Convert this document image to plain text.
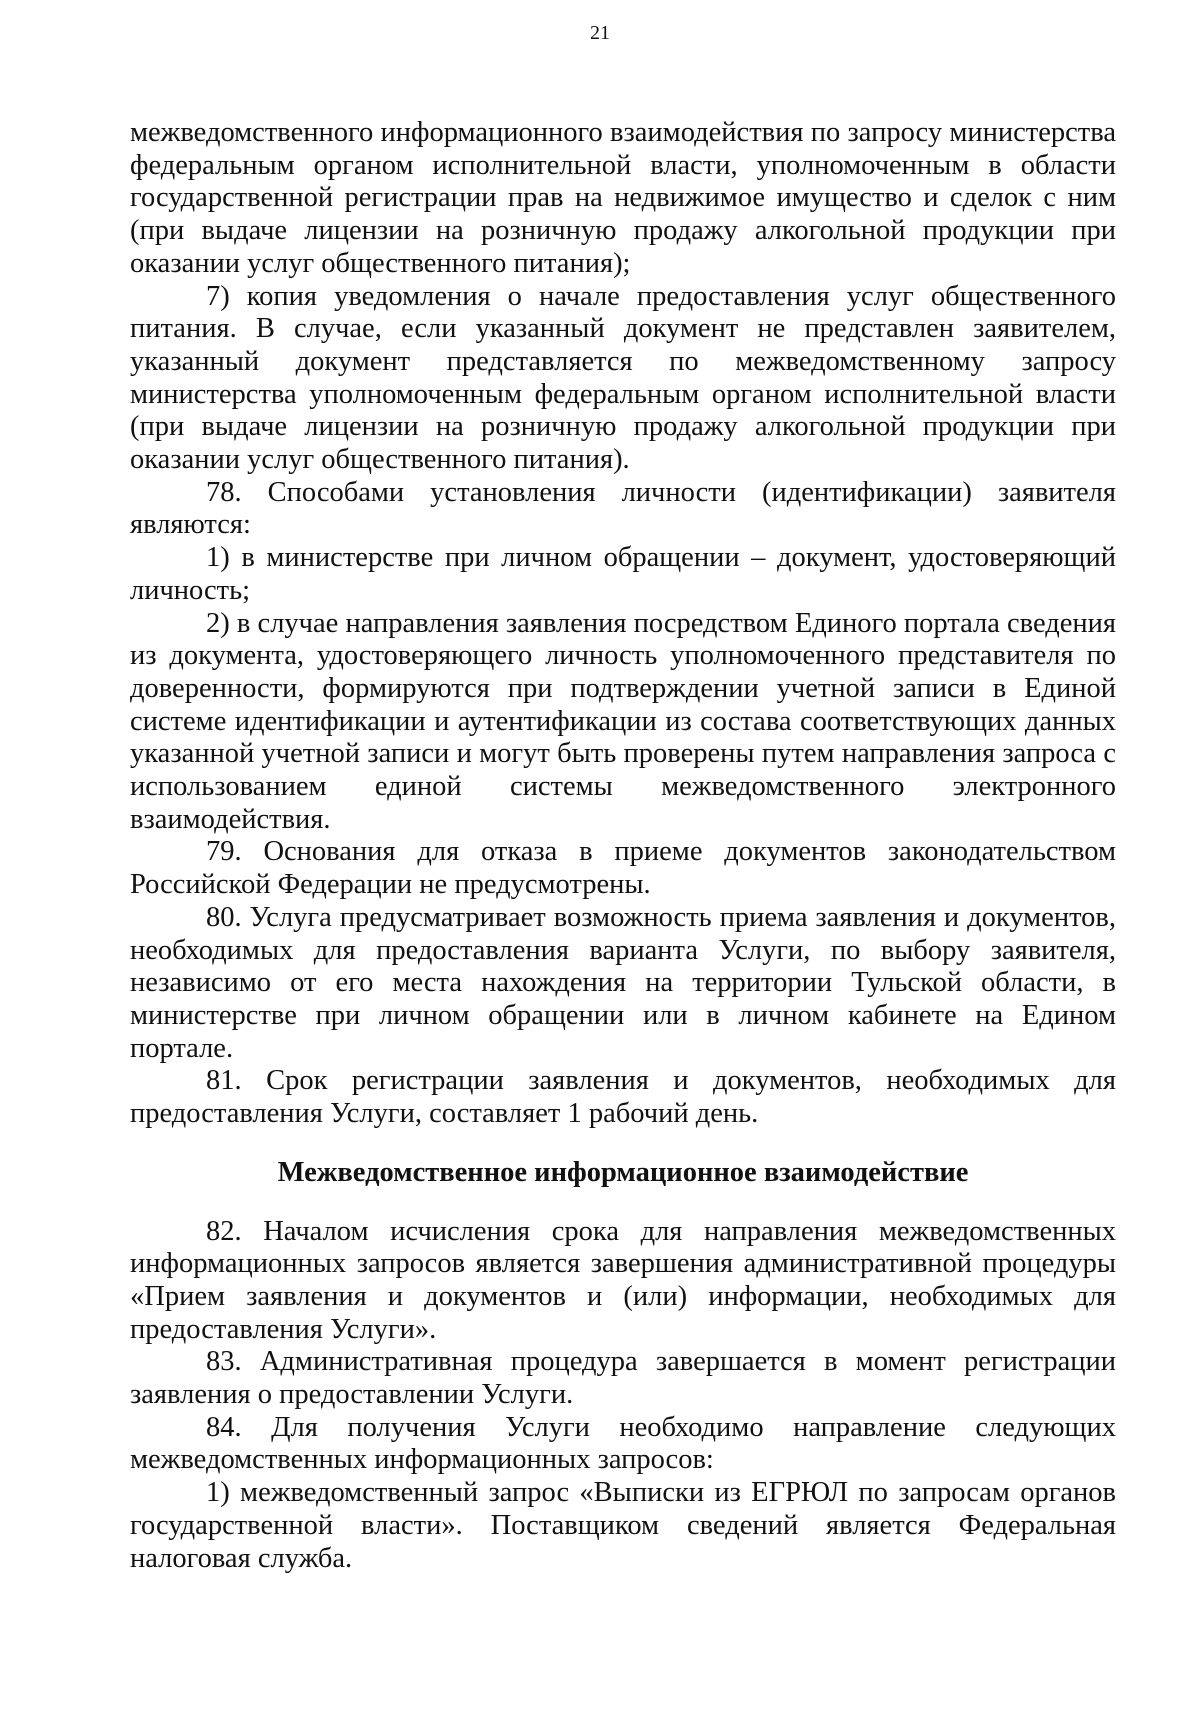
21

межведомственного информационного взаимодействия по запросу министерства федеральным органом исполнительной власти, уполномоченным в области государственной регистрации прав на недвижимое имущество и сделок с ним (при выдаче лицензии на розничную продажу алкогольной продукции при оказании услуг общественного питания);

7) копия уведомления о начале предоставления услуг общественного питания. В случае, если указанный документ не представлен заявителем, указанный документ представляется по межведомственному запросу министерства уполномоченным федеральным органом исполнительной власти (при выдаче лицензии на розничную продажу алкогольной продукции при оказании услуг общественного питания).

78. Способами установления личности (идентификации) заявителя являются:

1) в министерстве при личном обращении – документ, удостоверяющий личность;

2) в случае направления заявления посредством Единого портала сведения из документа, удостоверяющего личность уполномоченного представителя по доверенности, формируются при подтверждении учетной записи в Единой системе идентификации и аутентификации из состава соответствующих данных указанной учетной записи и могут быть проверены путем направления запроса с использованием единой системы межведомственного электронного взаимодействия.

79. Основания для отказа в приеме документов законодательством Российской Федерации не предусмотрены.

80. Услуга предусматривает возможность приема заявления и документов, необходимых для предоставления варианта Услуги, по выбору заявителя, независимо от его места нахождения на территории Тульской области, в министерстве при личном обращении или в личном кабинете на Едином портале.

81. Срок регистрации заявления и документов, необходимых для предоставления Услуги, составляет 1 рабочий день.

Межведомственное информационное взаимодействие

82. Началом исчисления срока для направления межведомственных информационных запросов является завершения административной процедуры «Прием заявления и документов и (или) информации, необходимых для предоставления Услуги».

83. Административная процедура завершается в момент регистрации заявления о предоставлении Услуги.

84. Для получения Услуги необходимо направление следующих межведомственных информационных запросов:

1) межведомственный запрос «Выписки из ЕГРЮЛ по запросам органов государственной власти». Поставщиком сведений является Федеральная налоговая служба.
